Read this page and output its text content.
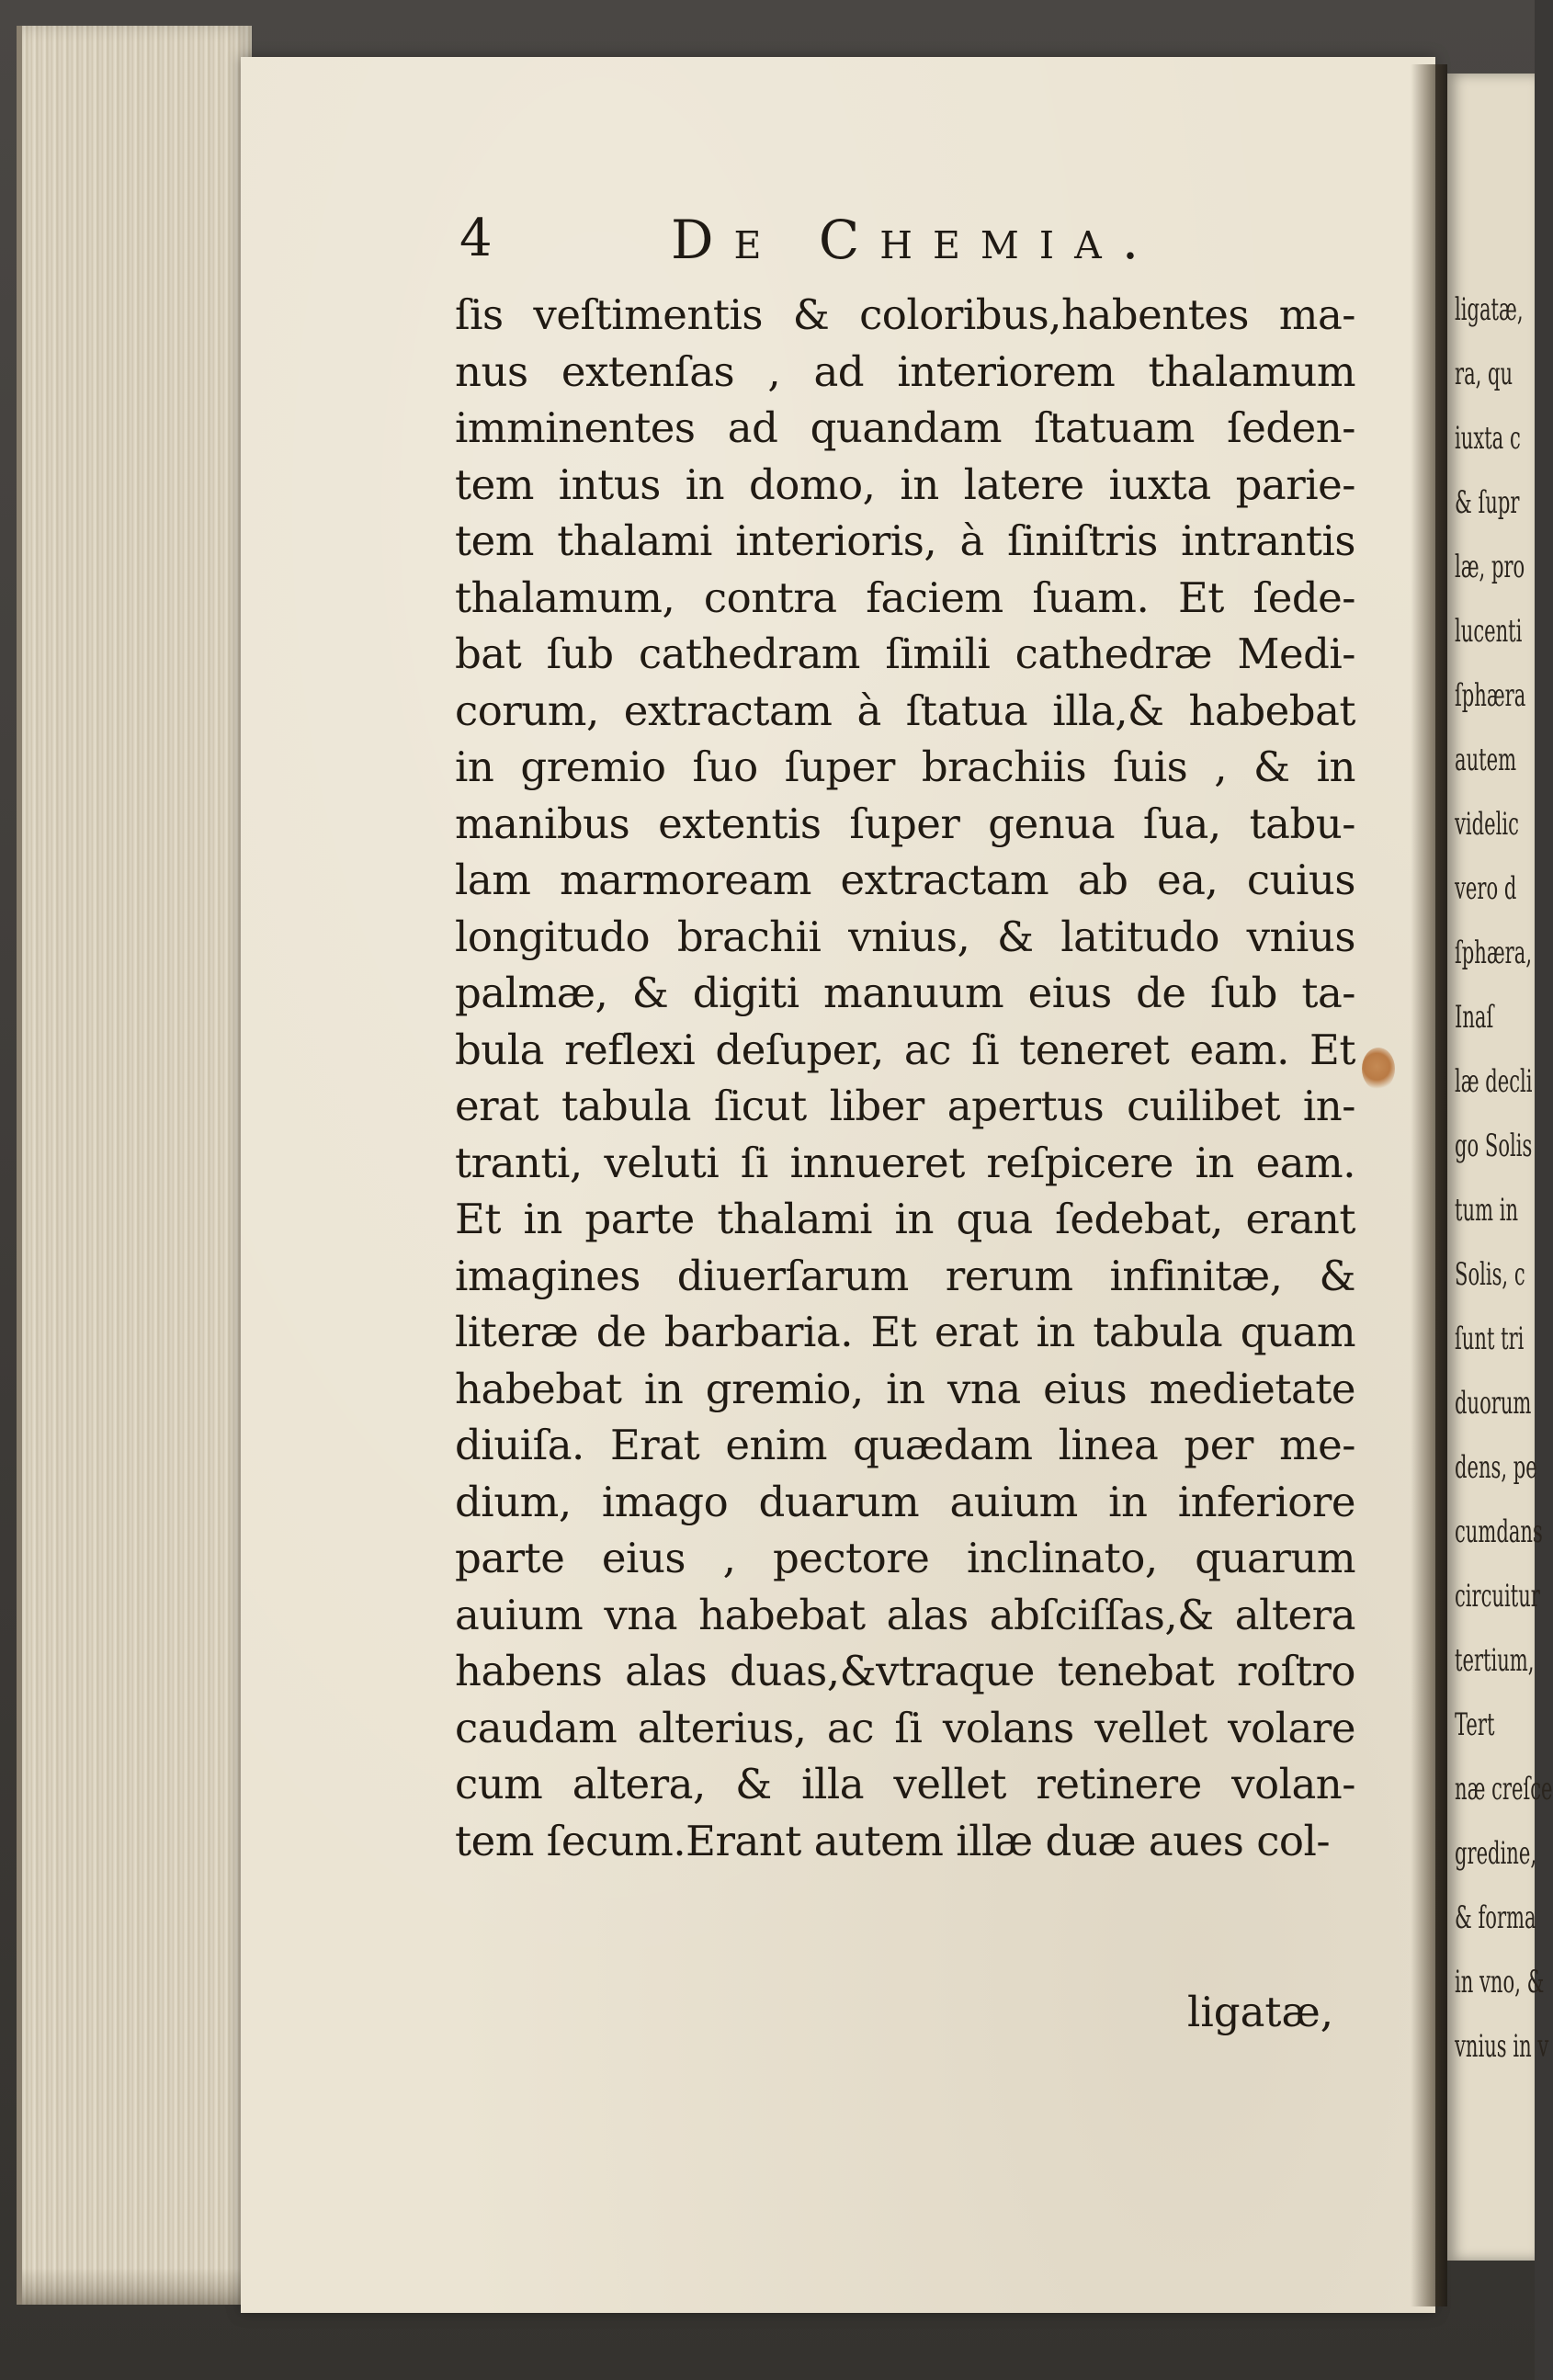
4	De Chemia.
ſis veſtimentis & coloribus,habentes ma-
nus extenſas , ad interiorem thalamum
imminentes ad quandam ſtatuam ſeden-
tem intus in domo, in latere iuxta parie-
tem thalami interioris, à ſiniſtris intrantis
thalamum, contra faciem ſuam. Et ſede-
bat ſub cathedram ſimili cathedræ Medi-
corum, extractam à ſtatua illa,& habebat
in gremio ſuo ſuper brachiis ſuis , & in
manibus extentis ſuper genua ſua, tabu-
lam marmoream extractam ab ea, cuius
longitudo brachii vnius, & latitudo vnius
palmæ, & digiti manuum eius de ſub ta-
bula reflexi deſuper, ac ſi teneret eam. Et
erat tabula ſicut liber apertus cuilibet in-
tranti, veluti ſi innueret reſpicere in eam.
Et in parte thalami in qua ſedebat, erant
imagines diuerſarum rerum infinitæ, &
literæ de barbaria. Et erat in tabula quam
habebat in gremio, in vna eius medietate
diuiſa. Erat enim quædam linea per me-
dium, imago duarum auium in inferiore
parte eius , pectore inclinato, quarum
auium vna habebat alas abſciſſas,& altera
habens alas duas,&vtraque tenebat roſtro
caudam alterius, ac ſi volans vellet volare
cum altera, & illa vellet retinere volan-
tem ſecum.Erant autem illæ duæ aues col-
ligatæ,
ligatæ,
ra, qu
iuxta c
& ſupr
læ, pro
lucenti
ſphæra
autem
videlic
vero d
ſphæra,
Inaſ
læ decli
go Solis
tum in
Solis, c
ſunt tri
duorum
dens, pe
cumdans
circuitur
tertium,
Tert
næ creſce
gredine,
& forma
in vno, &
vnius in v
